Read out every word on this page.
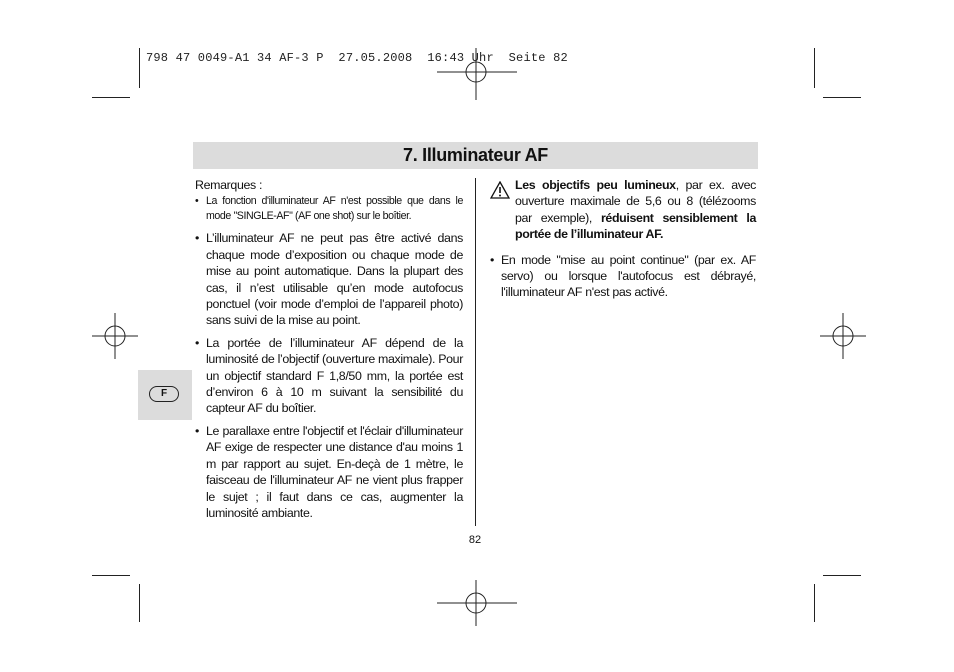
798 47 0049-A1 34 AF-3 P  27.05.2008  16:43 Uhr  Seite 82
7. Illuminateur AF
F
Remarques :
• La fonction d'illuminateur AF n'est possible que dans le mode "SINGLE-AF" (AF one shot) sur le boîtier.
• L’illuminateur AF ne peut pas être activé dans chaque mode d’exposition ou chaque mode de mise au point automatique. Dans la plupart des cas, il n’est utilisable qu’en mode autofocus ponctuel (voir mode d’emploi de l’appareil photo) sans suivi de la mise au point.
• La portée de l’illuminateur AF dépend de la luminosité de l’objectif (ouverture maximale). Pour un objectif standard F 1,8/50 mm, la portée est d’environ 6 à 10 m suivant la sensibilité du capteur AF du boîtier.
• Le parallaxe entre l'objectif et l'éclair d'illuminateur AF exige de respecter une distance d'au moins 1 m par rapport au sujet. En-deçà de 1 mètre, le faisceau de l'illuminateur AF ne vient plus frapper le sujet ; il faut dans ce cas, augmenter la luminosité ambiante.
Les objectifs peu lumineux, par ex. avec ouverture maximale de 5,6 ou 8 (télézooms par exemple), réduisent sensiblement la portée de l’illuminateur AF.
• En mode "mise au point continue" (par ex. AF servo) ou lorsque l'autofocus est débrayé, l'illuminateur AF n'est pas activé.
82
